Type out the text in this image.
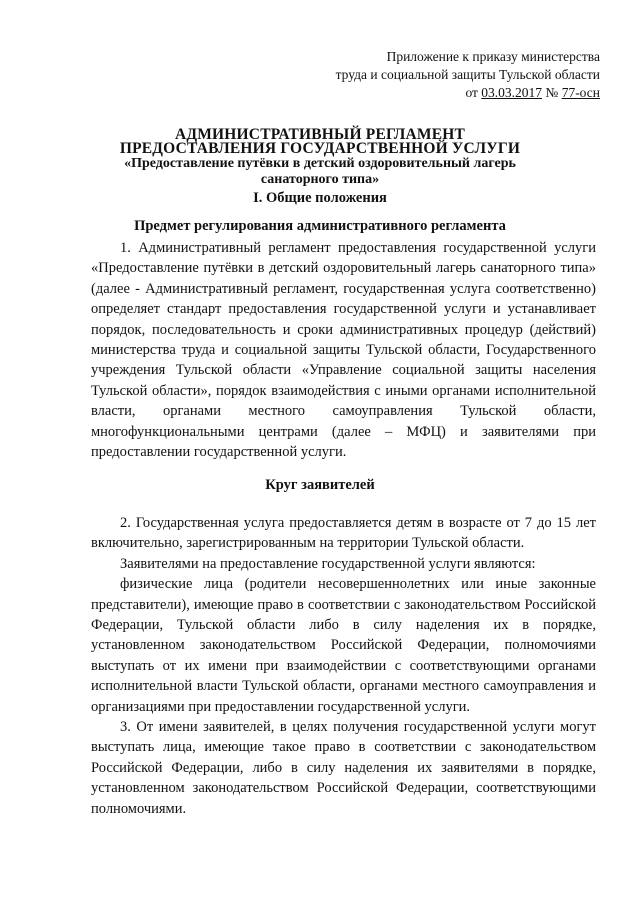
Приложение к приказу министерства
труда и социальной защиты Тульской области
от 03.03.2017 № 77-осн
АДМИНИСТРАТИВНЫЙ РЕГЛАМЕНТ
ПРЕДОСТАВЛЕНИЯ ГОСУДАРСТВЕННОЙ УСЛУГИ
«Предоставление путёвки в детский оздоровительный лагерь
санаторного типа»
I. Общие положения
Предмет регулирования административного регламента

1. Административный регламент предоставления государственной услуги «Предоставление путёвки в детский оздоровительный лагерь санаторного типа» (далее - Административный регламент, государственная услуга соответственно) определяет стандарт предоставления государственной услуги и устанавливает порядок, последовательность и сроки административных процедур (действий) министерства труда и социальной защиты Тульской области, Государственного учреждения Тульской области «Управление социальной защиты населения Тульской области», порядок взаимодействия с иными органами исполнительной власти, органами местного самоуправления Тульской области, многофункциональными центрами (далее – МФЦ) и заявителями при предоставлении государственной услуги.

Круг заявителей

2. Государственная услуга предоставляется детям в возрасте от 7 до 15 лет включительно, зарегистрированным на территории Тульской области.

Заявителями на предоставление государственной услуги являются:

физические лица (родители несовершеннолетних или иные законные представители), имеющие право в соответствии с законодательством Российской Федерации, Тульской области либо в силу наделения их в порядке, установленном законодательством Российской Федерации, полномочиями выступать от их имени при взаимодействии с соответствующими органами исполнительной власти Тульской области, органами местного самоуправления и организациями при предоставлении государственной услуги.

3. От имени заявителей, в целях получения государственной услуги могут выступать лица, имеющие такое право в соответствии с законодательством Российской Федерации, либо в силу наделения их заявителями в порядке, установленном законодательством Российской Федерации, соответствующими полномочиями.
